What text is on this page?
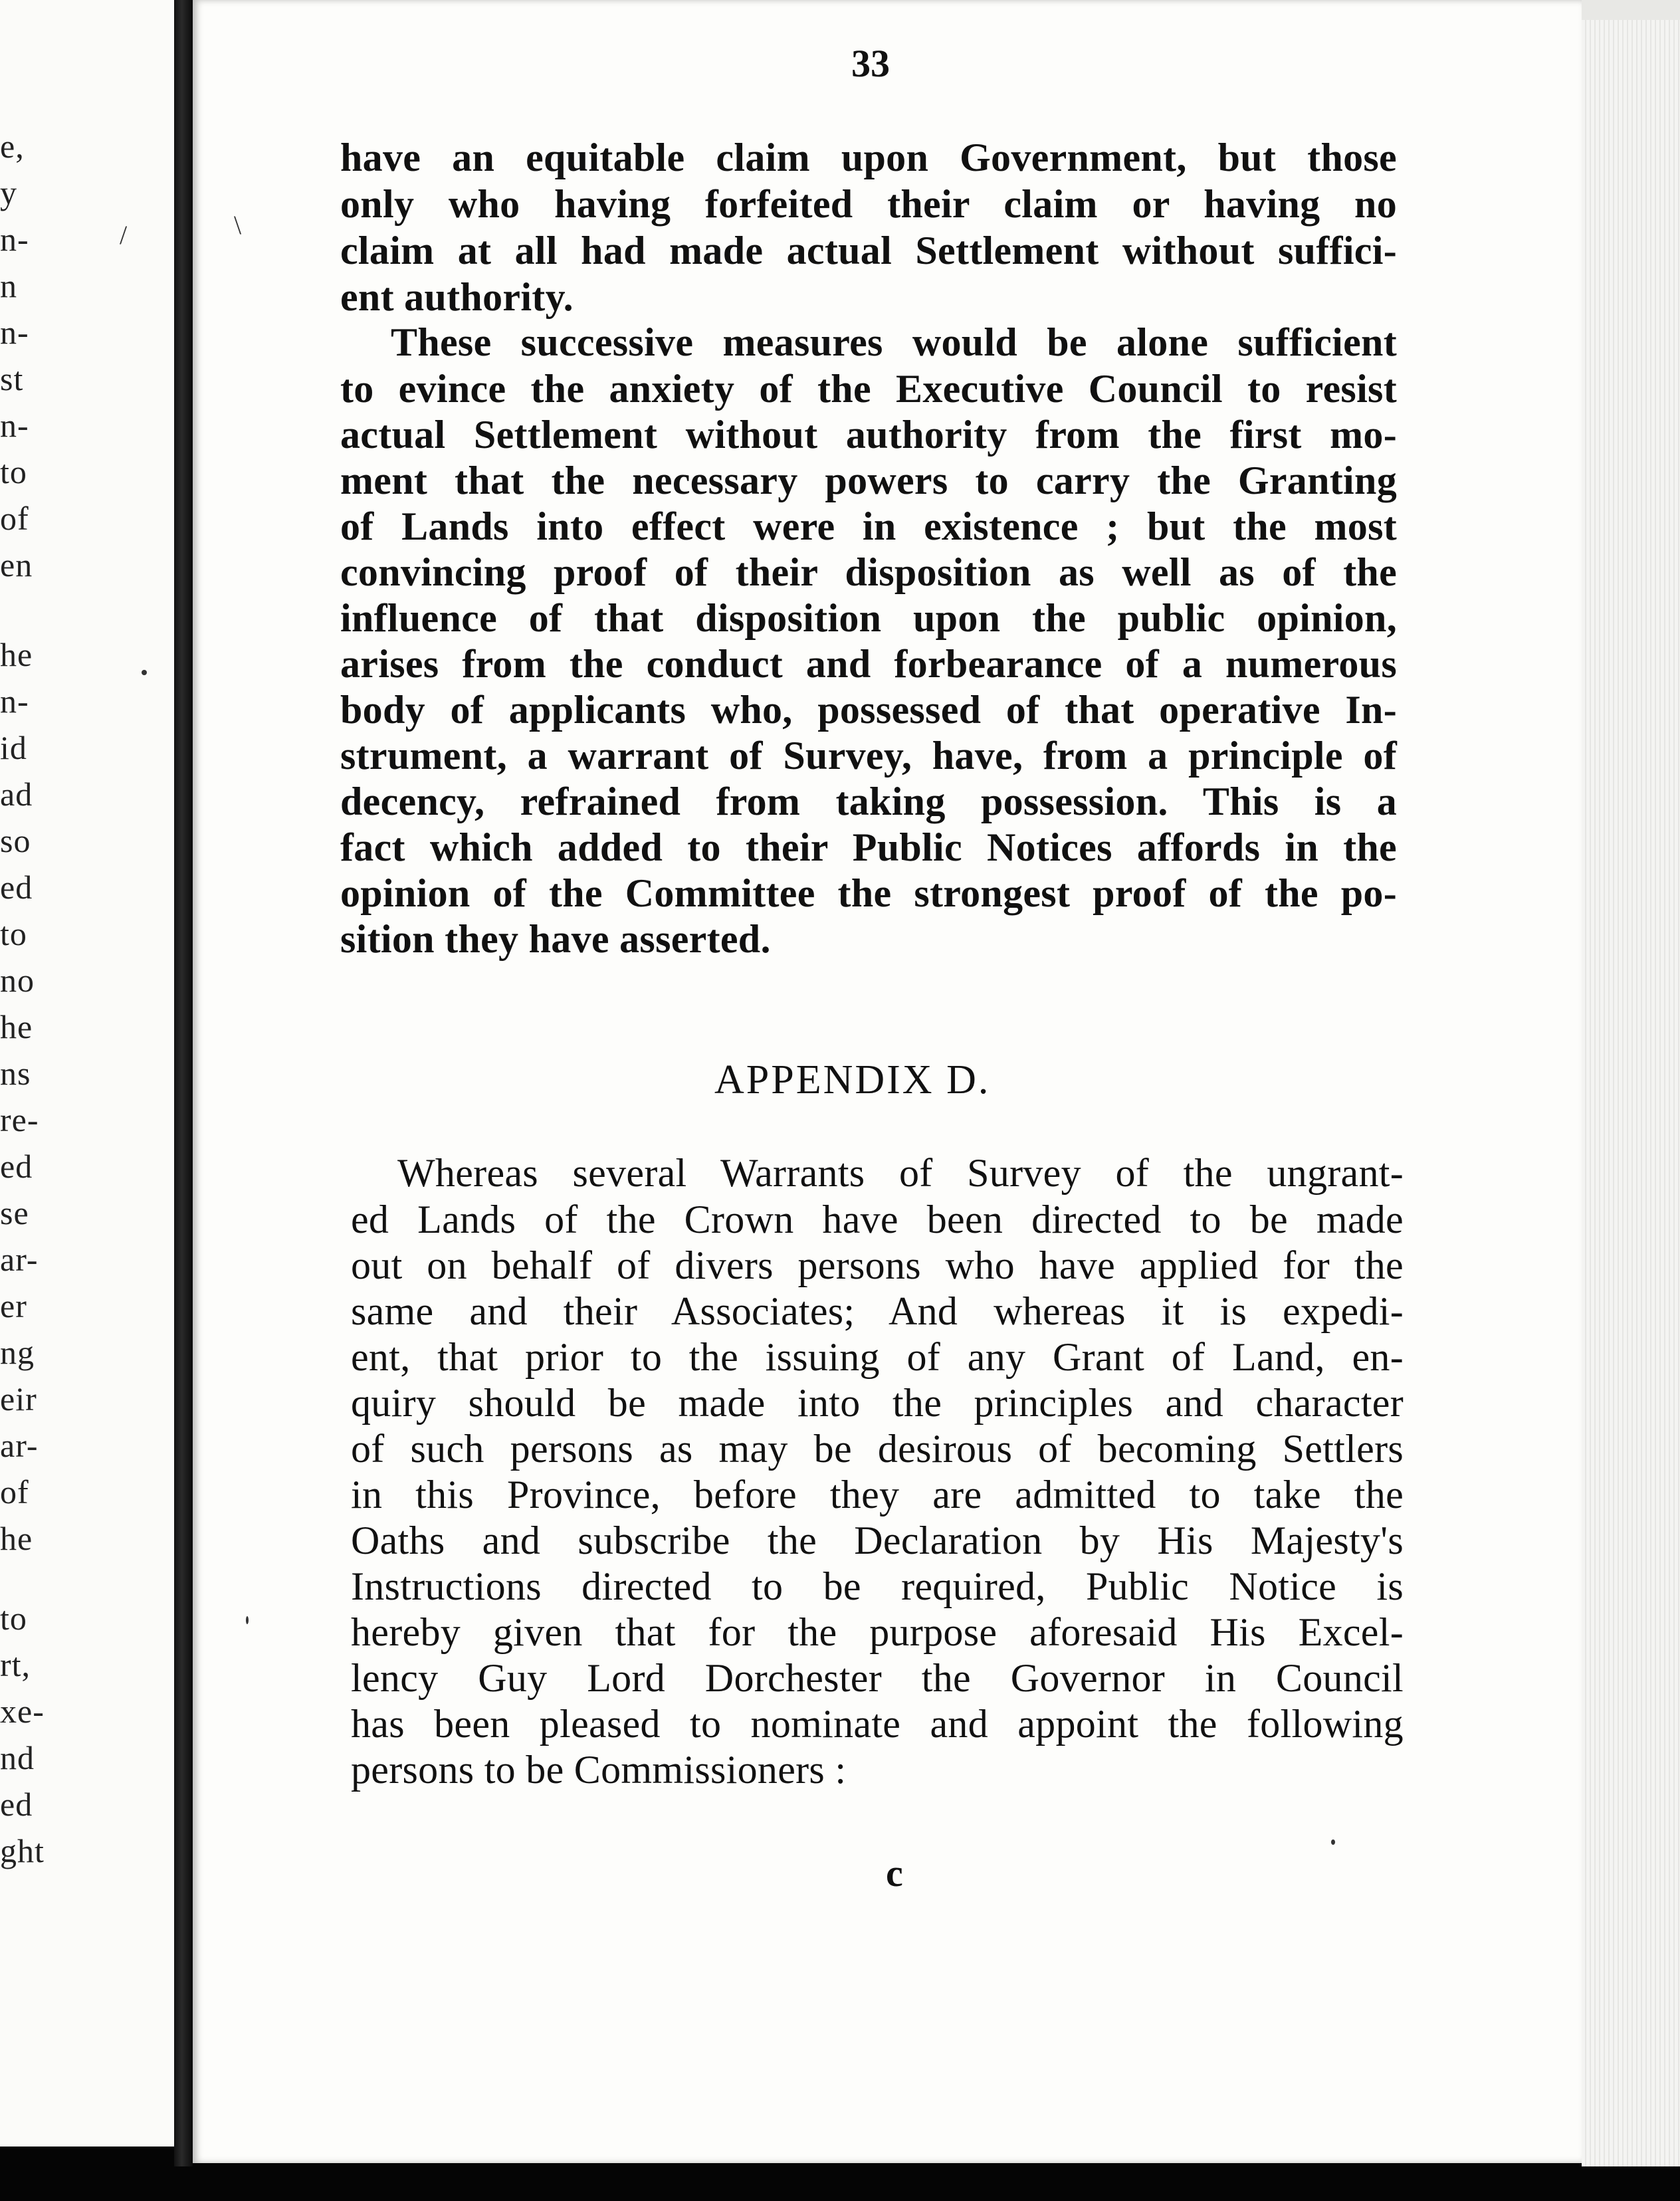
e,
y
n-
n
n-
st
n-
to
of
en
he
n-
id
ad
so
ed
to
no
he
ns
re-
ed
se
ar-
er
ng
eir
ar-
of
he
to
rt,
xe-
nd
ed
ght
/
33
have an equitable claim upon Government, but those
only who having forfeited their claim or having no
claim at all had made actual Settlement without suffici-
ent authority.
These successive measures would be alone sufficient
to evince the anxiety of the Executive Council to resist
actual Settlement without authority from the first mo-
ment that the necessary powers to carry the Granting
of Lands into effect were in existence ; but the most
convincing proof of their disposition as well as of the
influence of that disposition upon the public opinion,
arises from the conduct and forbearance of a numerous
body of applicants who, possessed of that operative In-
strument, a warrant of Survey, have, from a principle of
decency, refrained from taking possession. This is a
fact which added to their Public Notices affords in the
opinion of the Committee the strongest proof of the po-
sition they have asserted.
APPENDIX D.
Whereas several Warrants of Survey of the ungrant-
ed Lands of the Crown have been directed to be made
out on behalf of divers persons who have applied for the
same and their Associates; And whereas it is expedi-
ent, that prior to the issuing of any Grant of Land, en-
quiry should be made into the principles and character
of such persons as may be desirous of becoming Settlers
in this Province, before they are admitted to take the
Oaths and subscribe the Declaration by His Majesty's
Instructions directed to be required, Public Notice is
hereby given that for the purpose aforesaid His Excel-
lency Guy Lord Dorchester the Governor in Council
has been pleased to nominate and appoint the following
persons to be Commissioners :
c
\
